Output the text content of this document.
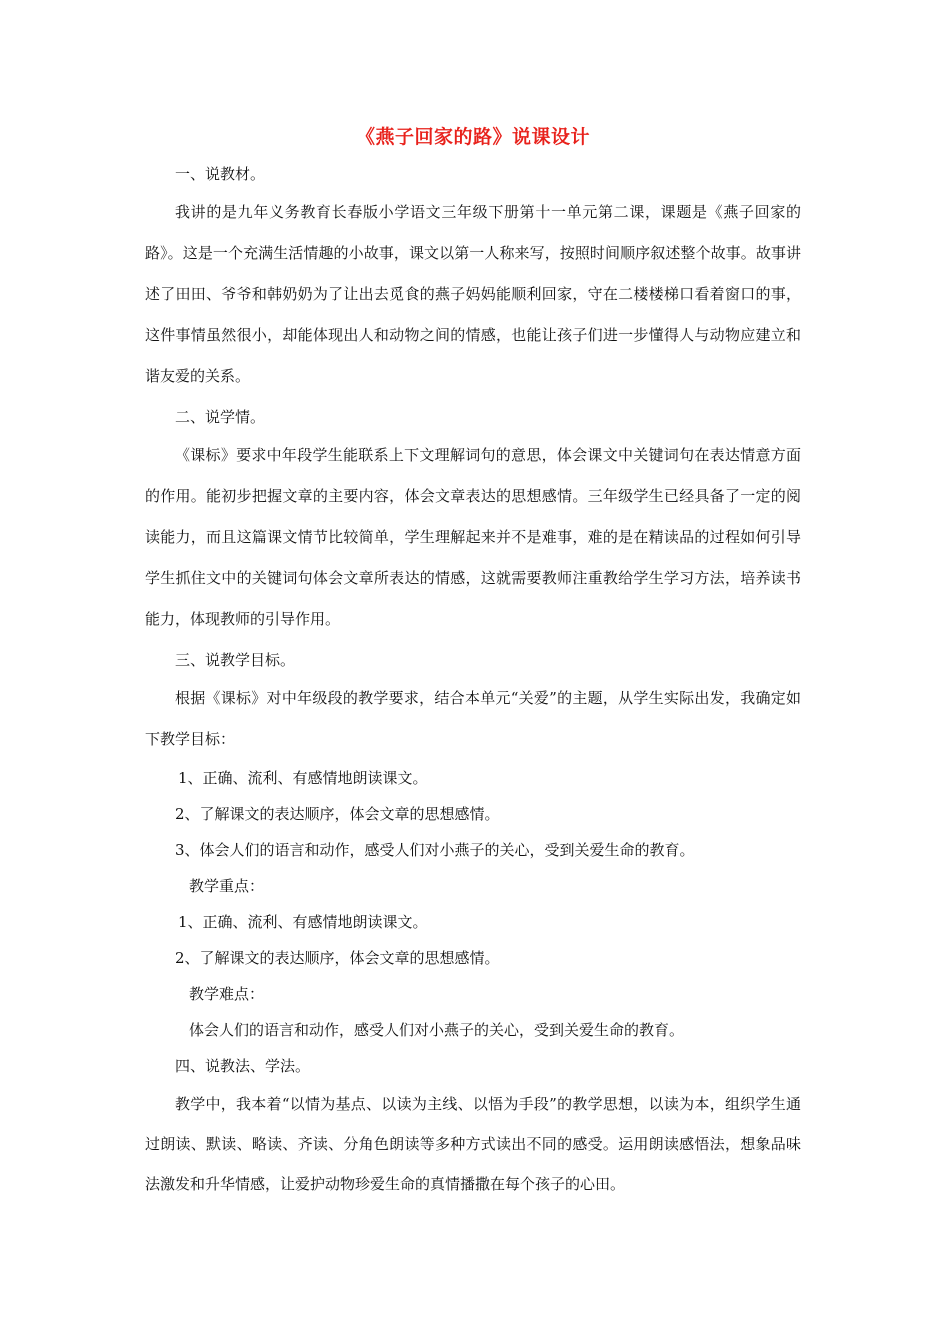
《燕子回家的路》说课设计

一、说教材。

我讲的是九年义务教育长春版小学语文三年级下册第十一单元第二课，课题是《燕子回家的路》。这是一个充满生活情趣的小故事，课文以第一人称来写，按照时间顺序叙述整个故事。故事讲述了田田、爷爷和韩奶奶为了让出去觅食的燕子妈妈能顺利回家，守在二楼楼梯口看着窗口的事，这件事情虽然很小，却能体现出人和动物之间的情感，也能让孩子们进一步懂得人与动物应建立和谐友爱的关系。

二、说学情。

《课标》要求中年段学生能联系上下文理解词句的意思，体会课文中关键词句在表达情意方面的作用。能初步把握文章的主要内容，体会文章表达的思想感情。三年级学生已经具备了一定的阅读能力，而且这篇课文情节比较简单，学生理解起来并不是难事，难的是在精读品的过程如何引导学生抓住文中的关键词句体会文章所表达的情感，这就需要教师注重教给学生学习方法，培养读书能力，体现教师的引导作用。

三、说教学目标。

根据《课标》对中年级段的教学要求，结合本单元“关爱”的主题，从学生实际出发，我确定如下教学目标：

1、正确、流利、有感情地朗读课文。

2、了解课文的表达顺序，体会文章的思想感情。

3、体会人们的语言和动作，感受人们对小燕子的关心，受到关爱生命的教育。

教学重点：

1、正确、流利、有感情地朗读课文。

2、了解课文的表达顺序，体会文章的思想感情。

教学难点：

体会人们的语言和动作，感受人们对小燕子的关心，受到关爱生命的教育。

四、说教法、学法。

教学中，我本着“以情为基点、以读为主线、以悟为手段”的教学思想，以读为本，组织学生通过朗读、默读、略读、齐读、分角色朗读等多种方式读出不同的感受。运用朗读感悟法，想象品味法激发和升华情感，让爱护动物珍爱生命的真情播撒在每个孩子的心田。
